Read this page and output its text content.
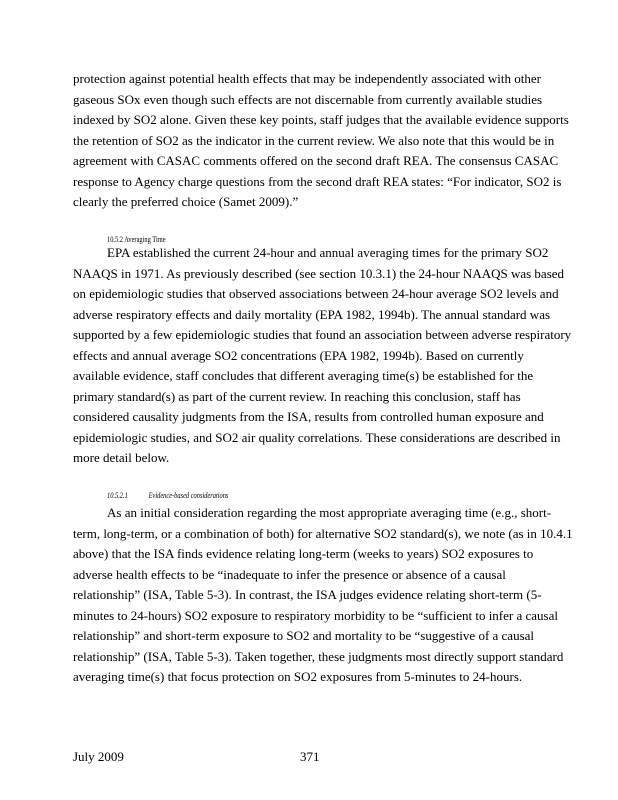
protection against potential health effects that may be independently associated with other gaseous SOx even though such effects are not discernable from currently available studies indexed by SO2 alone. Given these key points, staff judges that the available evidence supports the retention of SO2 as the indicator in the current review. We also note that this would be in agreement with CASAC comments offered on the second draft REA. The consensus CASAC response to Agency charge questions from the second draft REA states: “For indicator, SO2 is clearly the preferred choice (Samet 2009).”

10.5.2 Averaging Time

EPA established the current 24-hour and annual averaging times for the primary SO2 NAAQS in 1971. As previously described (see section 10.3.1) the 24-hour NAAQS was based on epidemiologic studies that observed associations between 24-hour average SO2 levels and adverse respiratory effects and daily mortality (EPA 1982, 1994b). The annual standard was supported by a few epidemiologic studies that found an association between adverse respiratory effects and annual average SO2 concentrations (EPA 1982, 1994b). Based on currently available evidence, staff concludes that different averaging time(s) be established for the primary standard(s) as part of the current review. In reaching this conclusion, staff has considered causality judgments from the ISA, results from controlled human exposure and epidemiologic studies, and SO2 air quality correlations. These considerations are described in more detail below.

10.5.2.1	Evidence-based considerations

As an initial consideration regarding the most appropriate averaging time (e.g., short-term, long-term, or a combination of both) for alternative SO2 standard(s), we note (as in 10.4.1 above) that the ISA finds evidence relating long-term (weeks to years) SO2 exposures to adverse health effects to be “inadequate to infer the presence or absence of a causal relationship” (ISA, Table 5-3). In contrast, the ISA judges evidence relating short-term (5-minutes to 24-hours) SO2 exposure to respiratory morbidity to be “sufficient to infer a causal relationship” and short-term exposure to SO2 and mortality to be “suggestive of a causal relationship” (ISA, Table 5-3). Taken together, these judgments most directly support standard averaging time(s) that focus protection on SO2 exposures from 5-minutes to 24-hours.

July 2009	371
